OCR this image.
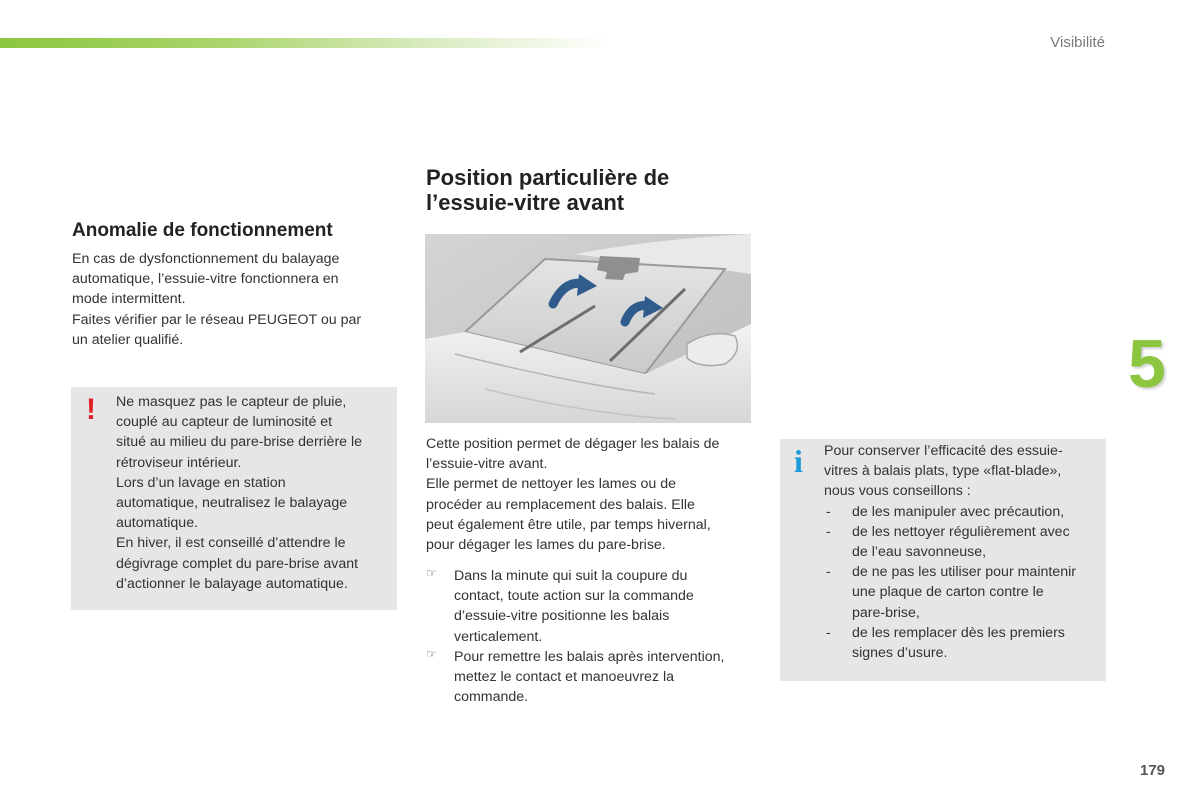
Visibilité
5
179
Anomalie de fonctionnement

En cas de dysfonctionnement du balayage

automatique, l’essuie-vitre fonctionnera en

mode intermittent.

Faites vérifier par le réseau PEUGEOT ou par

un atelier qualifié.

! Ne masquez pas le capteur de pluie,

couplé au capteur de luminosité et

situé au milieu du pare-brise derrière le

rétroviseur intérieur.

Lors d’un lavage en station

automatique, neutralisez le balayage

automatique.

En hiver, il est conseillé d’attendre le

dégivrage complet du pare-brise avant

d’actionner le balayage automatique.

Position particulière de
l’essuie-vitre avant

Cette position permet de dégager les balais de

l’essuie-vitre avant.

Elle permet de nettoyer les lames ou de

procéder au remplacement des balais. Elle

peut également être utile, par temps hivernal,

pour dégager les lames du pare-brise.

☞ Dans la minute qui suit la coupure du

contact, toute action sur la commande

d’essuie-vitre positionne les balais

verticalement.

☞ Pour remettre les balais après intervention,

mettez le contact et manoeuvrez la

commande.

i Pour conserver l’efficacité des essuie-

vitres à balais plats, type «flat-blade»,

nous vous conseillons :

- de les manipuler avec précaution,

- de les nettoyer régulièrement avec

de l’eau savonneuse,

- de ne pas les utiliser pour maintenir

une plaque de carton contre le

pare-brise,

- de les remplacer dès les premiers

signes d’usure.
